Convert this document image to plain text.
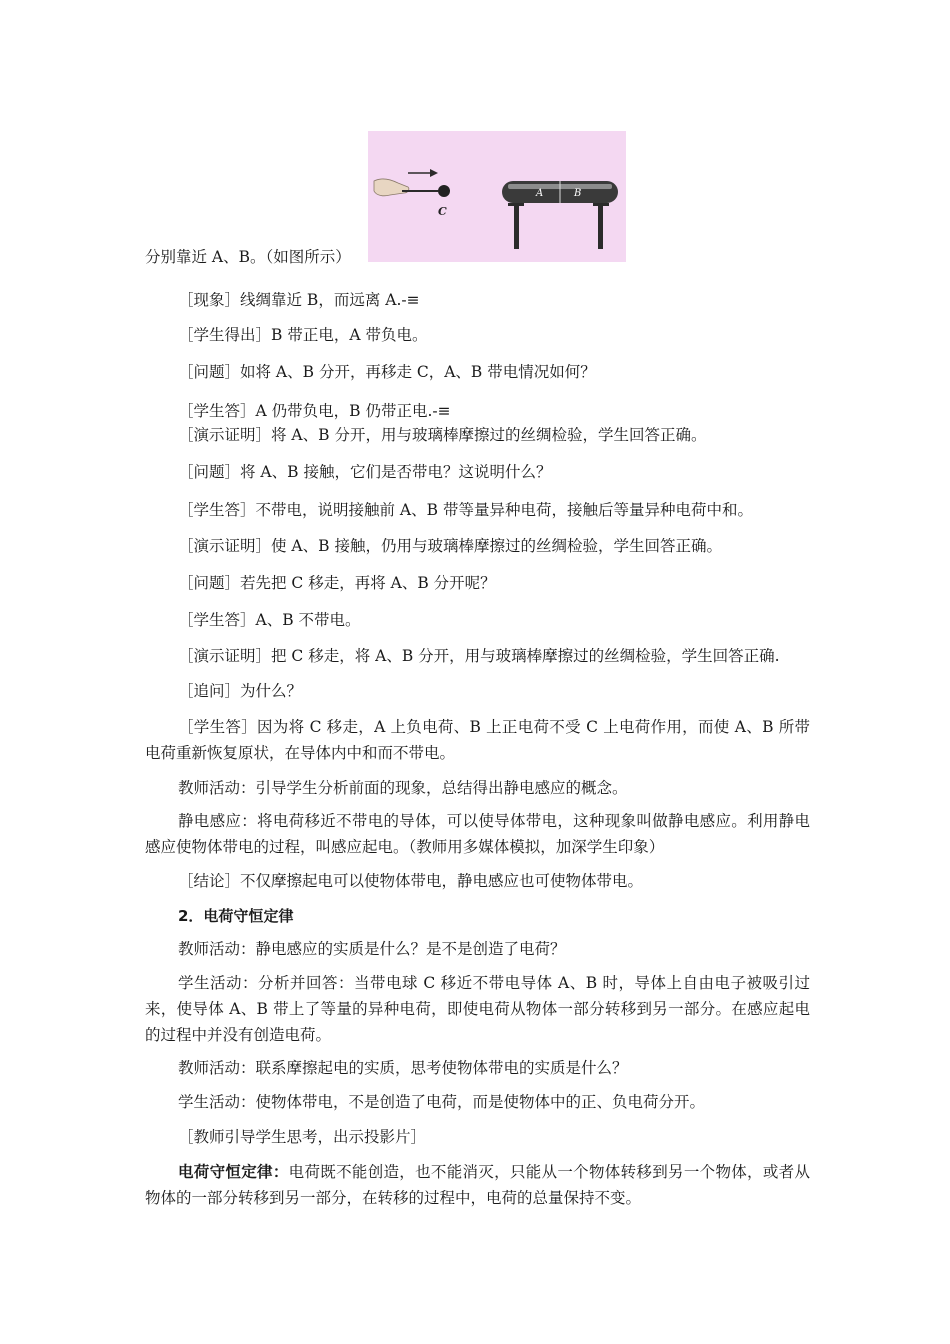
C
A	B
分别靠近 A、B。（如图所示）
［现象］线绸靠近 B，而远离 A.-≡
［学生得出］B 带正电，A 带负电。
［问题］如将 A、B 分开，再移走 C，A、B 带电情况如何？
［学生答］A 仍带负电，B 仍带正电.-≡
［演示证明］将 A、B 分开，用与玻璃棒摩擦过的丝绸检验，学生回答正确。
［问题］将 A、B 接触，它们是否带电？这说明什么？
［学生答］不带电，说明接触前 A、B 带等量异种电荷，接触后等量异种电荷中和。
［演示证明］使 A、B 接触，仍用与玻璃棒摩擦过的丝绸检验，学生回答正确。
［问题］若先把 C 移走，再将 A、B 分开呢？
［学生答］A、B 不带电。
［演示证明］把 C 移走，将 A、B 分开，用与玻璃棒摩擦过的丝绸检验，学生回答正确.
［追问］为什么？
［学生答］因为将 C 移走，A 上负电荷、B 上正电荷不受 C 上电荷作用，而使 A、B 所带电荷重新恢复原状，在导体内中和而不带电。
教师活动：引导学生分析前面的现象，总结得出静电感应的概念。
静电感应：将电荷移近不带电的导体，可以使导体带电，这种现象叫做静电感应。利用静电感应使物体带电的过程，叫感应起电。（教师用多媒体模拟，加深学生印象）
［结论］不仅摩擦起电可以使物体带电，静电感应也可使物体带电。
2．电荷守恒定律
教师活动：静电感应的实质是什么？是不是创造了电荷？
学生活动：分析并回答：当带电球 C 移近不带电导体 A、B 时，导体上自由电子被吸引过来，使导体 A、B 带上了等量的异种电荷，即使电荷从物体一部分转移到另一部分。在感应起电的过程中并没有创造电荷。
教师活动：联系摩擦起电的实质，思考使物体带电的实质是什么？
学生活动：使物体带电，不是创造了电荷，而是使物体中的正、负电荷分开。
［教师引导学生思考，出示投影片］
电荷守恒定律：电荷既不能创造，也不能消灭，只能从一个物体转移到另一个物体，或者从物体的一部分转移到另一部分，在转移的过程中，电荷的总量保持不变。
